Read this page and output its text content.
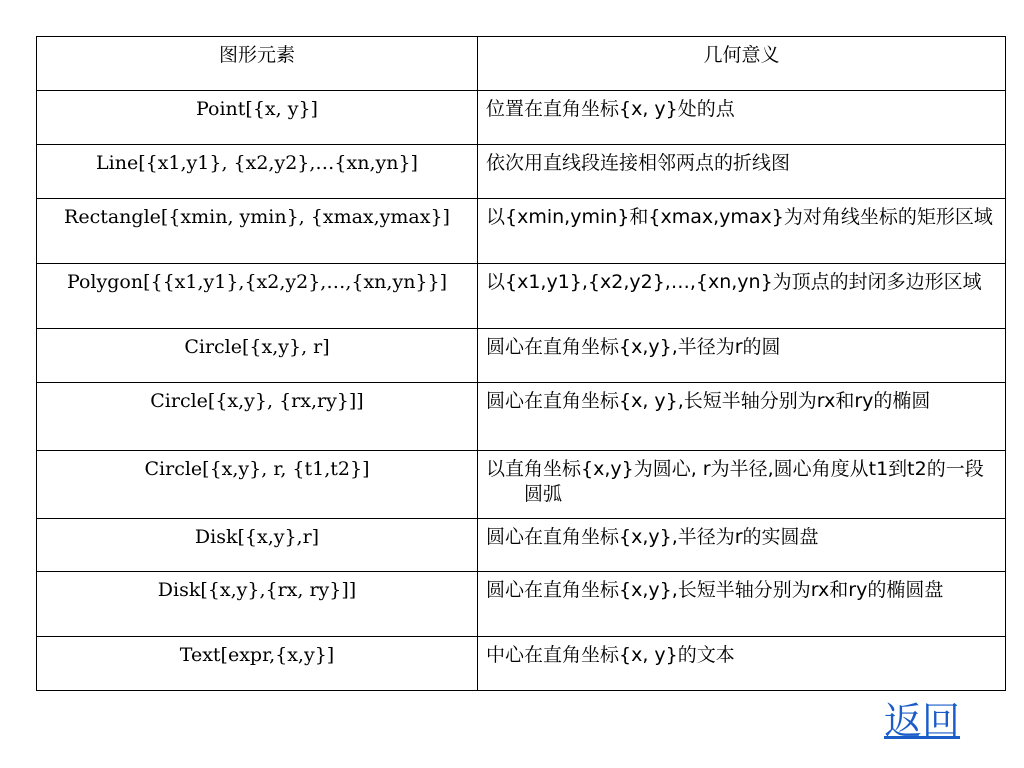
图形元素	几何意义
Point[{x, y}]	位置在直角坐标{x, y}处的点

Line[{x1,y1}, {x2,y2},…{xn,yn}]	依次用直线段连接相邻两点的折线图

Rectangle[{xmin, ymin}, {xmax,ymax}]	以{xmin,ymin}和{xmax,ymax}为对角线坐标的矩形区域

Polygon[{{x1,y1},{x2,y2},…,{xn,yn}}]	以{x1,y1},{x2,y2},…,{xn,yn}为顶点的封闭多边形区域

Circle[{x,y}, r]	圆心在直角坐标{x,y},半径为r的圆

Circle[{x,y}, {rx,ry}]]	圆心在直角坐标{x, y},长短半轴分别为rx和ry的椭圆

Circle[{x,y}, r, {t1,t2}]	以直角坐标{x,y}为圆心, r为半径,圆心角度从t1到t2的一段圆弧

Disk[{x,y},r]	圆心在直角坐标{x,y},半径为r的实圆盘

Disk[{x,y},{rx, ry}]]	圆心在直角坐标{x,y},长短半轴分别为rx和ry的椭圆盘

Text[expr,{x,y}]	中心在直角坐标{x, y}的文本
返回
